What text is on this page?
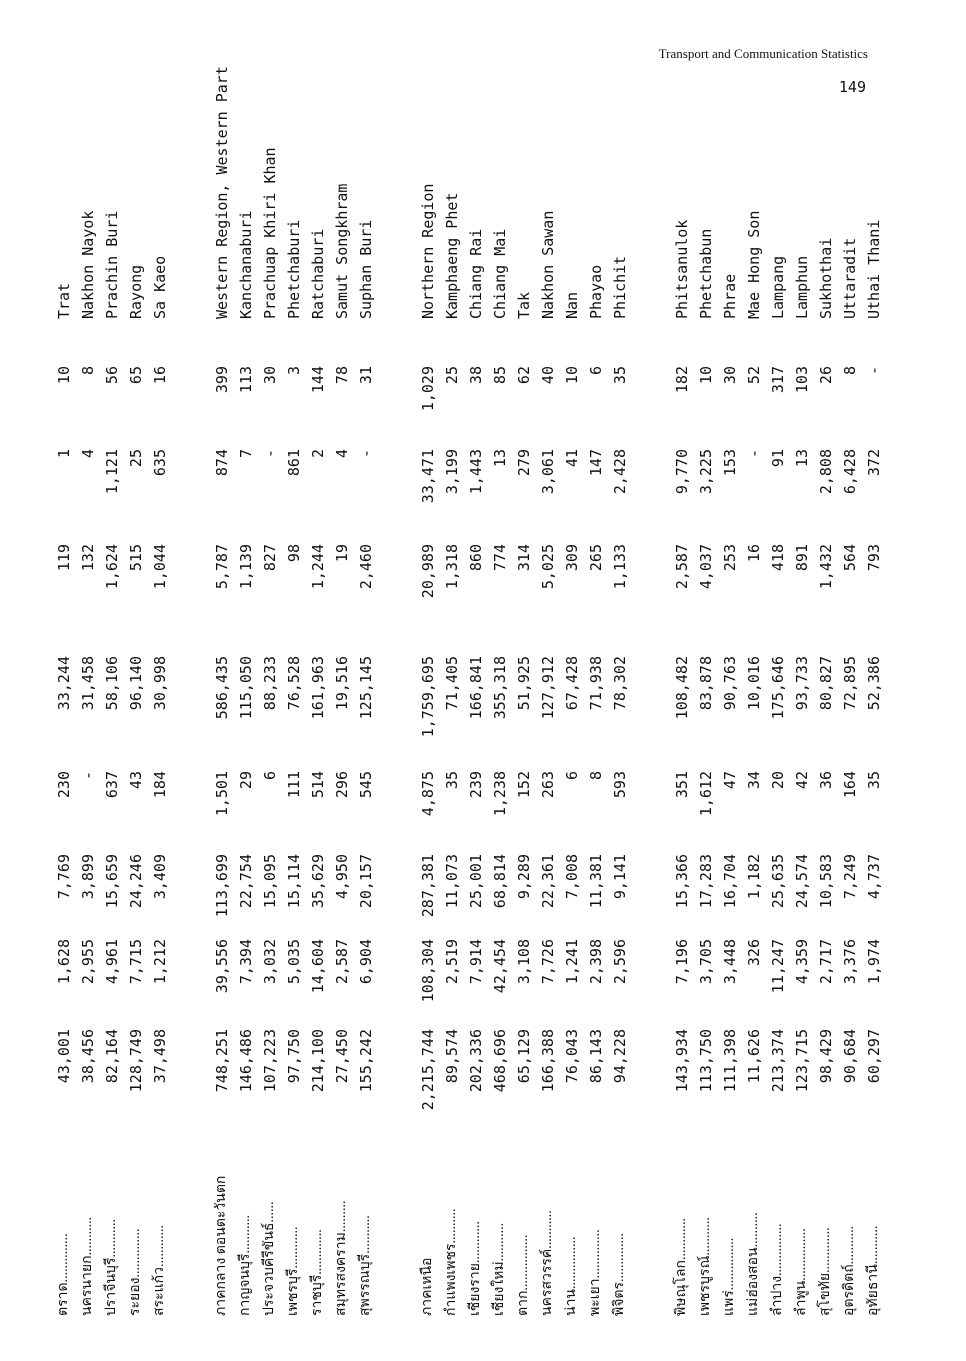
Transport and Communication Statistics
149
ตราด..............
43,001
1,628
7,769
230
33,244
119
1
10
Trat
นครนายก...........
38,456
2,955
3,899
-
31,458
132
4
8
Nakhon Nayok
ปราจีนบุรี...........
82,164
4,961
15,659
637
58,106
1,624
1,121
56
Prachin Buri
ระยอง..............
128,749
7,715
24,246
43
96,140
515
25
65
Rayong
สระแก้ว............
37,498
1,212
3,409
184
30,998
1,044
635
16
Sa Kaeo
ภาคกลาง ตอนตะวันตก
748,251
39,556
113,699
1,501
586,435
5,787
874
399
Western Region, Western Part
กาญจนบุรี...........
146,486
7,394
22,754
29
115,050
1,139
7
113
Kanchanaburi
ประจวบคีรีขันธ์......
107,223
3,032
15,095
6
88,233
827
-
30
Prachuap Khiri Khan
เพชรบุรี............
97,750
5,035
15,114
111
76,528
98
861
3
Phetchaburi
ราชบุรี.............
214,100
14,604
35,629
514
161,963
1,244
2
144
Ratchaburi
สมุทรสงคราม.........
27,450
2,587
4,950
296
19,516
19
4
78
Samut Songkhram
สุพรรณบุรี...........
155,242
6,904
20,157
545
125,145
2,460
-
31
Suphan Buri
ภาคเหนือ
2,215,744
108,304
287,381
4,875
1,759,695
20,989
33,471
1,029
Northern Region
กำแพงเพชร..........
89,574
2,519
11,073
35
71,405
1,318
3,199
25
Kamphaeng Phet
เชียงราย............
202,336
7,914
25,001
239
166,841
860
1,443
38
Chiang Rai
เชียงใหม่...........
468,696
42,454
68,814
1,238
355,318
774
13
85
Chiang Mai
ตาก................
65,129
3,108
9,289
152
51,925
314
279
62
Tak
นครสวรรค์...........
166,388
7,726
22,361
263
127,912
5,025
3,061
40
Nakhon Sawan
น่าน...............
76,043
1,241
7,008
6
67,428
309
41
10
Nan
พะเยา..............
86,143
2,398
11,381
8
71,938
265
147
6
Phayao
พิจิตร..............
94,228
2,596
9,141
593
78,302
1,133
2,428
35
Phichit
พิษณุโลก............
143,934
7,196
15,366
351
108,482
2,587
9,770
182
Phitsanulok
เพชรบูรณ์...........
113,750
3,705
17,283
1,612
83,878
4,037
3,225
10
Phetchabun
แพร่...............
111,398
3,448
16,704
47
90,763
253
153
30
Phrae
แม่ฮ่องสอน..........
11,626
326
1,182
34
10,016
16
-
52
Mae Hong Son
ลำปาง...............
213,374
11,247
25,635
20
175,646
418
91
317
Lampang
ลำพูน...............
123,715
4,359
24,574
42
93,733
891
13
103
Lamphun
สุโขทัย.............
98,429
2,717
10,583
36
80,827
1,432
2,808
26
Sukhothai
อุตรดิตถ์...........
90,684
3,376
7,249
164
72,895
564
6,428
8
Uttaradit
อุทัยธานี...........
60,297
1,974
4,737
35
52,386
793
372
-
Uthai Thani
